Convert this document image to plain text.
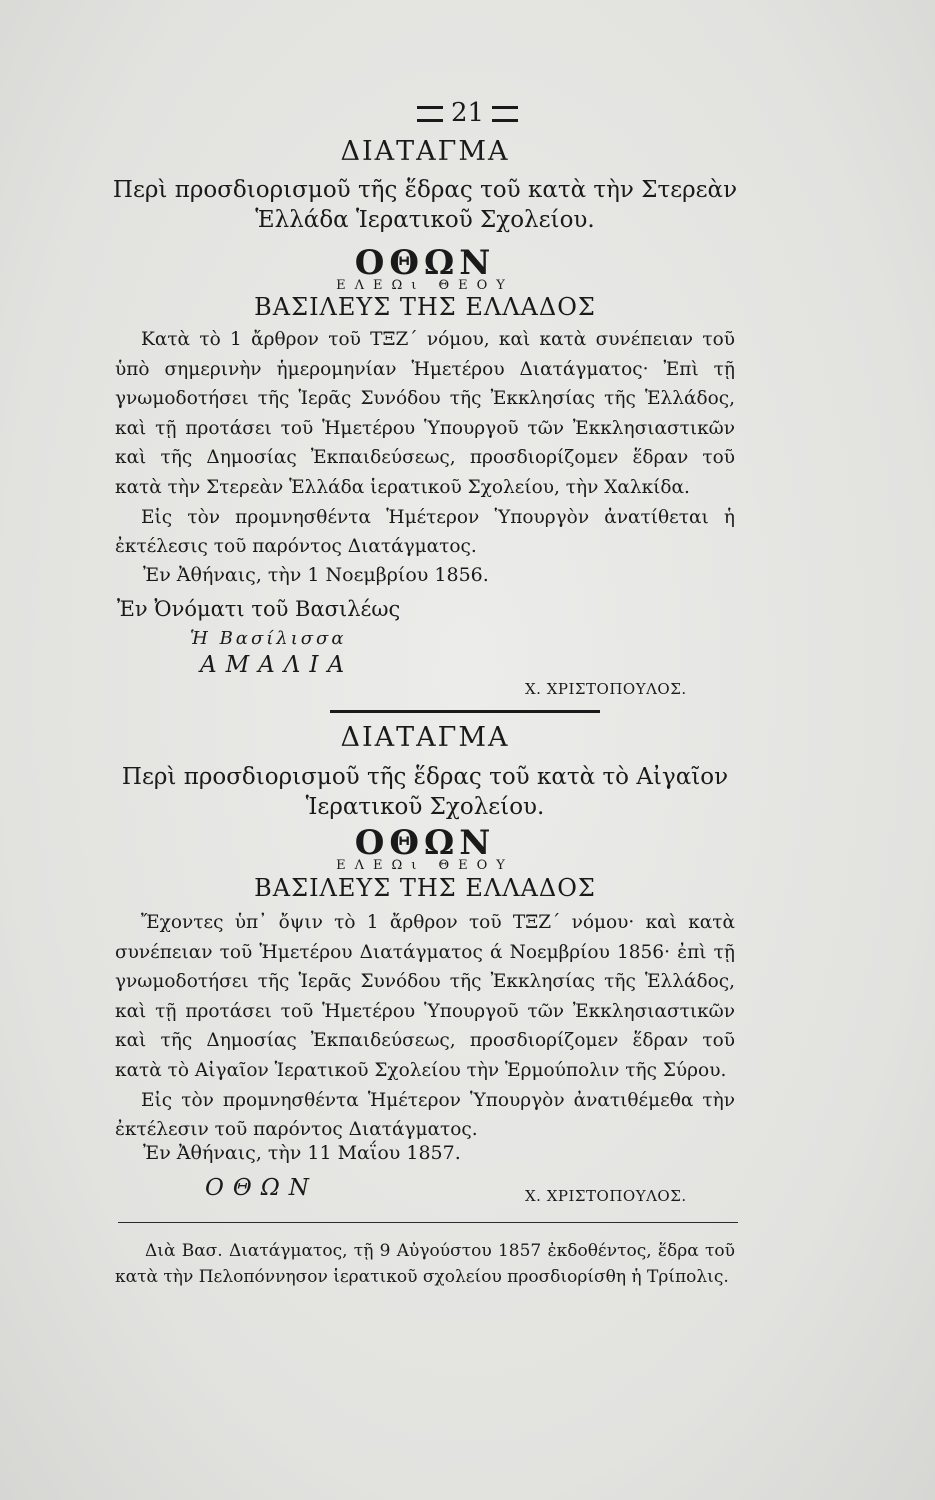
21
ΔΙΑΤΑΓΜΑ
Περὶ προσδιορισμοῦ τῆς ἕδρας τοῦ κατὰ τὴν Στερεὰν
Ἑλλάδα Ἱερατικοῦ Σχολείου.
ΟΘΩΝ
ΕΛΕΩι ΘΕΟΥ
ΒΑΣΙΛΕΥΣ ΤΗΣ ΕΛΛΑΔΟΣ

Κατὰ τὸ 1 ἄρθρον τοῦ ΤΞΖ΄ νόμου, καὶ κατὰ συνέπειαν τοῦ ὑπὸ σημερινὴν ἡμερομηνίαν Ἡμετέρου Διατάγματος· Ἐπὶ τῇ γνωμοδοτήσει τῆς Ἱερᾶς Συνόδου τῆς Ἐκκλησίας τῆς Ἑλλάδος, καὶ τῇ προτάσει τοῦ Ἡμετέρου Ὑπουργοῦ τῶν Ἐκκλησιαστικῶν καὶ τῆς Δημοσίας Ἐκπαιδεύσεως, προσδιορίζομεν ἕδραν τοῦ κατὰ τὴν Στερεὰν Ἑλλάδα ἱερατικοῦ Σχολείου, τὴν Χαλκίδα.

Εἰς τὸν προμνησθέντα Ἡμέτερον Ὑπουργὸν ἀνατίθεται ἡ ἐκτέλεσις τοῦ παρόντος Διατάγματος.

Ἐν Ἀθήναις, τὴν 1 Νοεμβρίου 1856.
Ἐν Ὀνόματι τοῦ Βασιλέως
Ἡ Βασίλισσα
ΑΜΑΛΙΑ
Χ. ΧΡΙΣΤΟΠΟΥΛΟΣ.
ΔΙΑΤΑΓΜΑ
Περὶ προσδιορισμοῦ τῆς ἕδρας τοῦ κατὰ τὸ Αἰγαῖον
Ἱερατικοῦ Σχολείου.
ΟΘΩΝ
ΕΛΕΩι ΘΕΟΥ
ΒΑΣΙΛΕΥΣ ΤΗΣ ΕΛΛΑΔΟΣ

Ἔχοντες ὑπ᾿ ὄψιν τὸ 1 ἄρθρον τοῦ ΤΞΖ΄ νόμου· καὶ κατὰ συνέπειαν τοῦ Ἡμετέρου Διατάγματος ά Νοεμβρίου 1856· ἐπὶ τῇ γνωμοδοτήσει τῆς Ἱερᾶς Συνόδου τῆς Ἐκκλησίας τῆς Ἑλλάδος, καὶ τῇ προτάσει τοῦ Ἡμετέρου Ὑπουργοῦ τῶν Ἐκκλησιαστικῶν καὶ τῆς Δημοσίας Ἐκπαιδεύσεως, προσδιορίζομεν ἕδραν τοῦ κατὰ τὸ Αἰγαῖον Ἱερατικοῦ Σχολείου τὴν Ἑρμούπολιν τῆς Σύρου.

Εἰς τὸν προμνησθέντα Ἡμέτερον Ὑπουργὸν ἀνατιθέμεθα τὴν ἐκτέλεσιν τοῦ παρόντος Διατάγματος.

Ἐν Ἀθήναις, τὴν 11 Μαΐου 1857.
ΟΘΩΝ	Χ. ΧΡΙΣΤΟΠΟΥΛΟΣ.

Διὰ Βασ. Διατάγματος, τῇ 9 Αὐγούστου 1857 ἐκδοθέντος, ἕδρα τοῦ κατὰ τὴν Πελοπόννησον ἱερατικοῦ σχολείου προσδιορίσθη ἡ Τρίπολις.
